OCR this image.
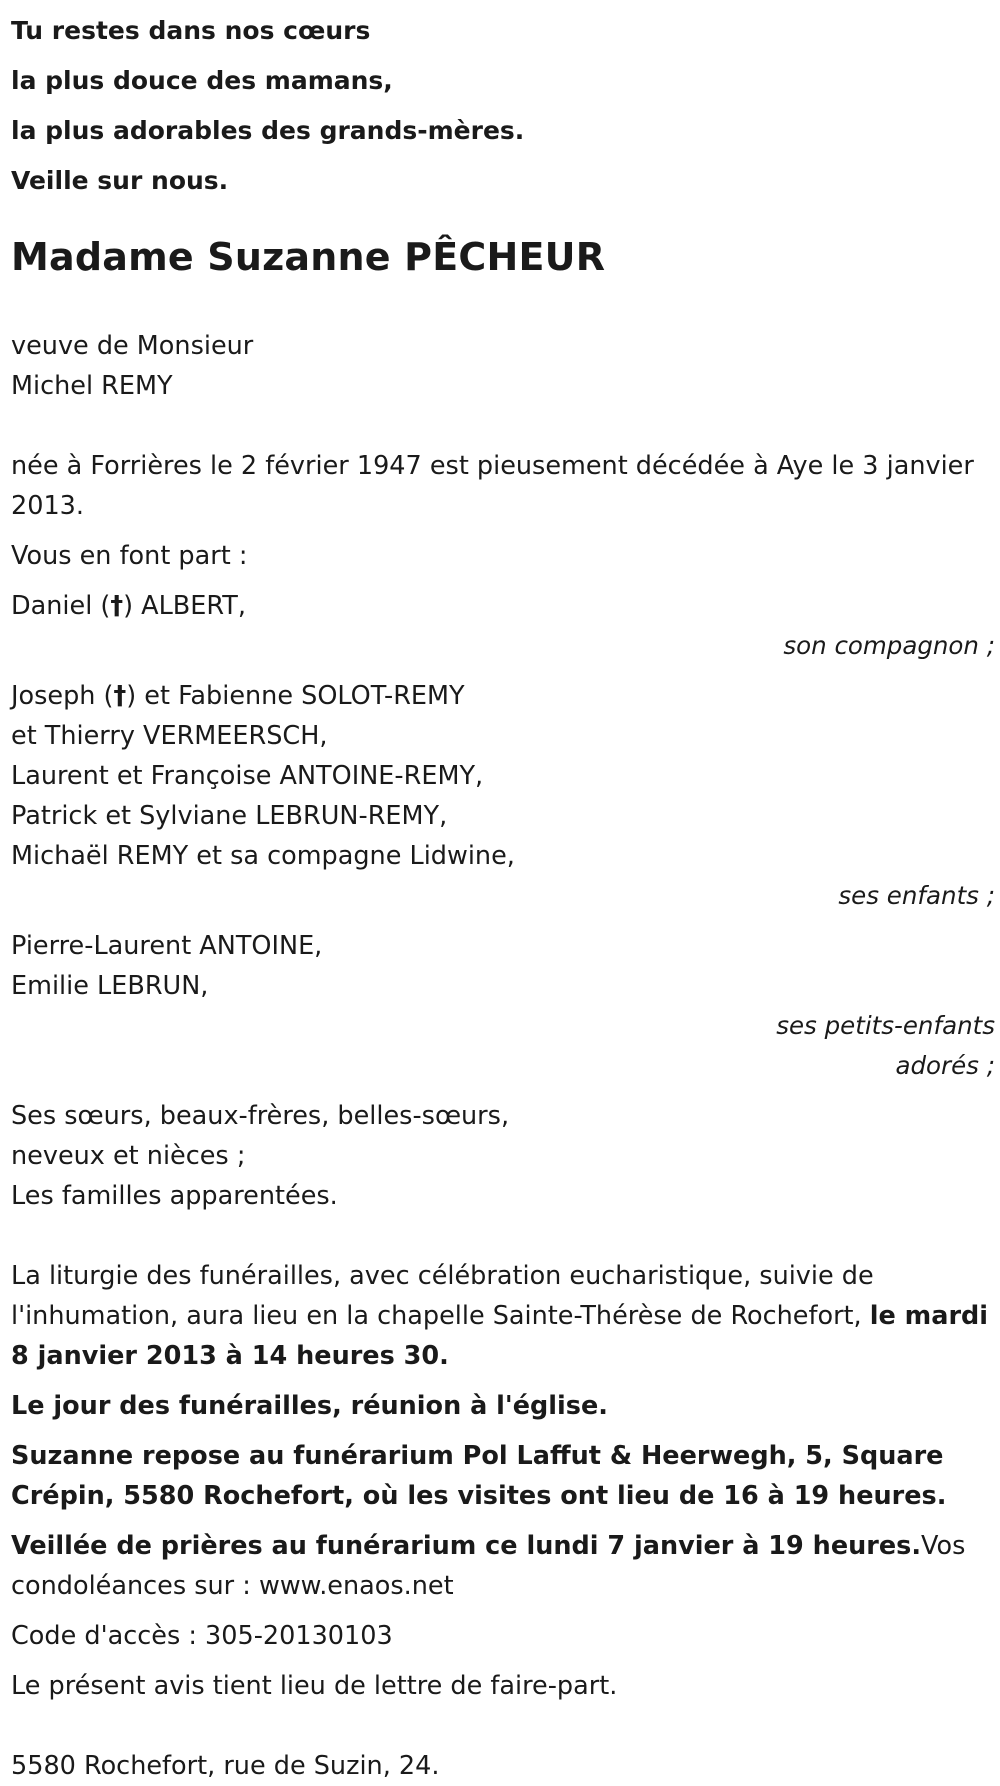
Tu restes dans nos cœurs
la plus douce des mamans,
la plus adorables des grands-mères.
Veille sur nous.
Madame Suzanne PÊCHEUR
veuve de Monsieur
Michel REMY
née à Forrières le 2 février 1947 est pieusement décédée à Aye le 3 janvier 2013.
Vous en font part :
Daniel (†) ALBERT,
son compagnon ;
Joseph (†) et Fabienne SOLOT-REMY
et Thierry VERMEERSCH,
Laurent et Françoise ANTOINE-REMY,
Patrick et Sylviane LEBRUN-REMY,
Michaël REMY et sa compagne Lidwine,
ses enfants ;
Pierre-Laurent ANTOINE,
Emilie LEBRUN,
ses petits-enfants
adorés ;
Ses sœurs, beaux-frères, belles-sœurs,
neveux et nièces ;
Les familles apparentées.
La liturgie des funérailles, avec célébration eucharistique, suivie de l'inhumation, aura lieu en la chapelle Sainte-Thérèse de Rochefort, le mardi 8 janvier 2013 à 14 heures 30.
Le jour des funérailles, réunion à l'église.
Suzanne repose au funérarium Pol Laffut & Heerwegh, 5, Square Crépin, 5580 Rochefort, où les visites ont lieu de 16 à 19 heures.
Veillée de prières au funérarium ce lundi 7 janvier à 19 heures.Vos condoléances sur : www.enaos.net
Code d'accès : 305-20130103
Le présent avis tient lieu de lettre de faire-part.
5580 Rochefort, rue de Suzin, 24.
